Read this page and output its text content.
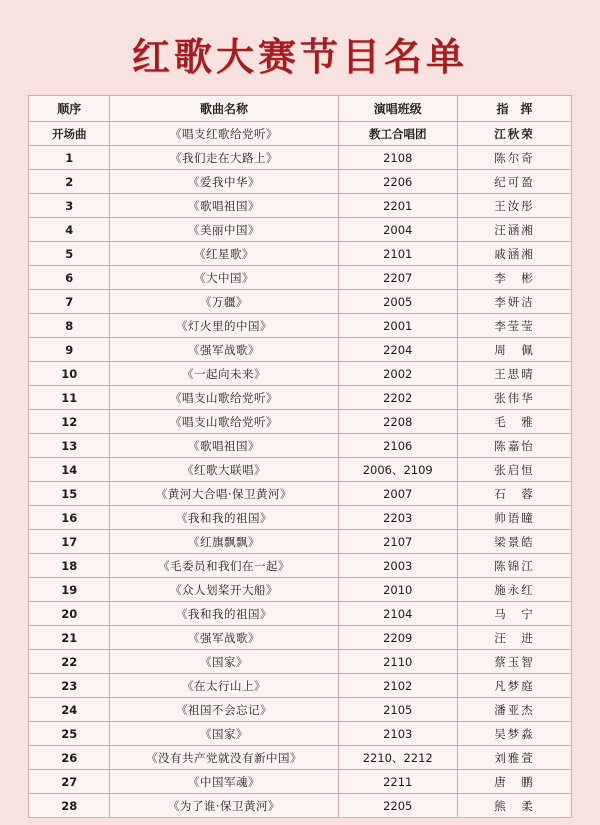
红歌大赛节目名单
顺序	歌曲名称	演唱班级	指　挥
开场曲	《唱支红歌给党听》	教工合唱团	江秋荣
1	《我们走在大路上》	2108	陈尔奇
2	《爱我中华》	2206	纪可盈
3	《歌唱祖国》	2201	王汝彤
4	《美丽中国》	2004	汪涵湘
5	《红星歌》	2101	戚涵湘
6	《大中国》	2207	李　彬
7	《万疆》	2005	李妍洁
8	《灯火里的中国》	2001	李莹莹
9	《强军战歌》	2204	周　佩
10	《一起向未来》	2002	王思晴
11	《唱支山歌给党听》	2202	张伟华
12	《唱支山歌给党听》	2208	毛　雅
13	《歌唱祖国》	2106	陈嘉怡
14	《红歌大联唱》	2006、2109	张启恒
15	《黄河大合唱·保卫黄河》	2007	石　蓉
16	《我和我的祖国》	2203	帅语瞳
17	《红旗飘飘》	2107	梁景皓
18	《毛委员和我们在一起》	2003	陈锦江
19	《众人划桨开大船》	2010	施永红
20	《我和我的祖国》	2104	马　宁
21	《强军战歌》	2209	汪　进
22	《国家》	2110	蔡玉智
23	《在太行山上》	2102	凡梦庭
24	《祖国不会忘记》	2105	潘亚杰
25	《国家》	2103	吴梦淼
26	《没有共产党就没有新中国》	2210、2212	刘雅萱
27	《中国军魂》	2211	唐　鹏
28	《为了谁·保卫黄河》	2205	熊　柔
